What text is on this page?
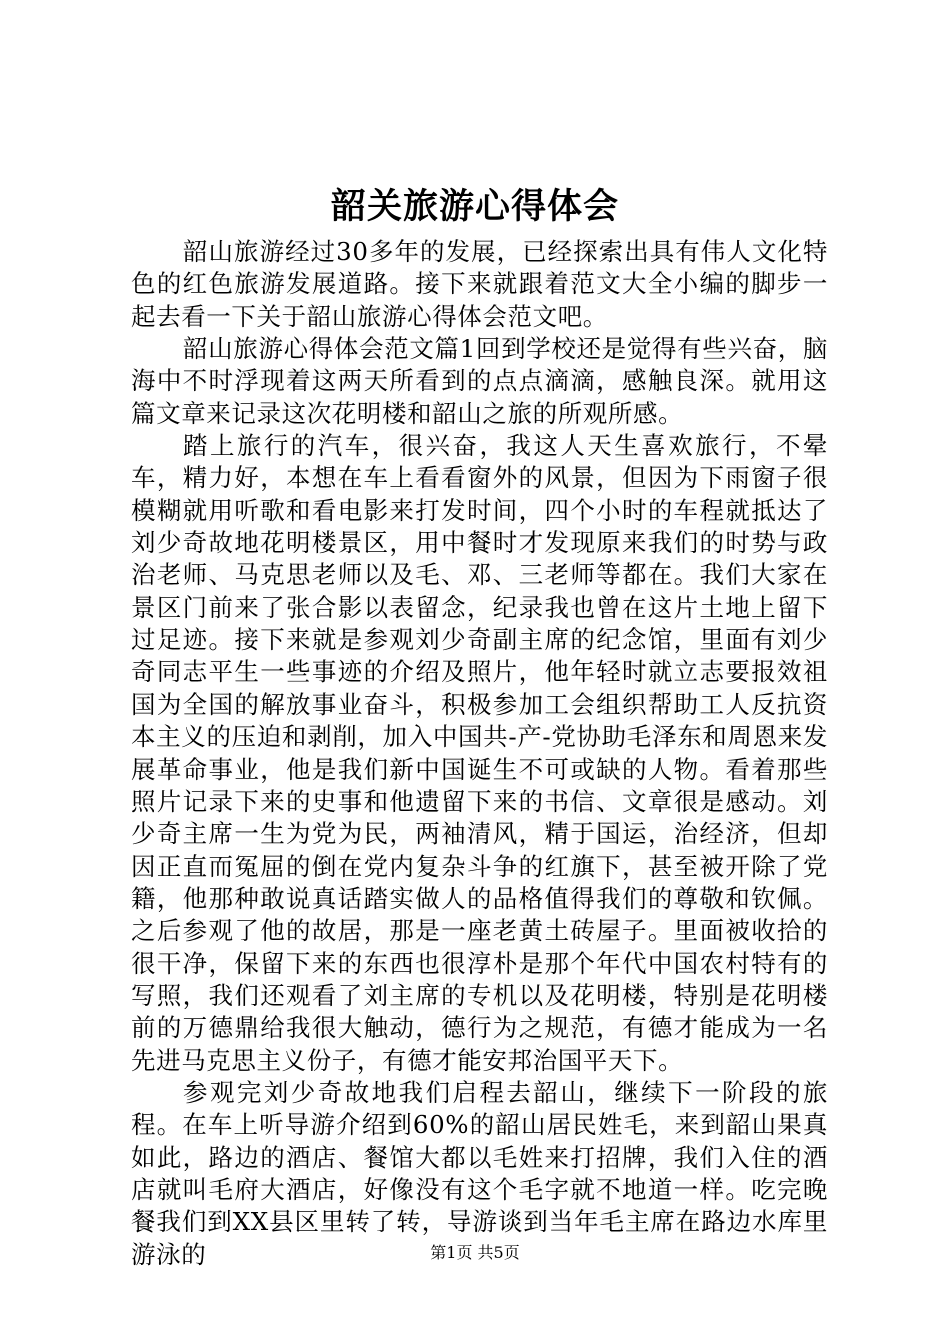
韶关旅游心得体会

韶山旅游经过30多年的发展，已经探索出具有伟人文化特色的红色旅游发展道路。接下来就跟着范文大全小编的脚步一起去看一下关于韶山旅游心得体会范文吧。

韶山旅游心得体会范文篇1回到学校还是觉得有些兴奋，脑海中不时浮现着这两天所看到的点点滴滴，感触良深。就用这篇文章来记录这次花明楼和韶山之旅的所观所感。

踏上旅行的汽车，很兴奋，我这人天生喜欢旅行，不晕车，精力好，本想在车上看看窗外的风景，但因为下雨窗子很模糊就用听歌和看电影来打发时间，四个小时的车程就抵达了刘少奇故地花明楼景区，用中餐时才发现原来我们的时势与政治老师、马克思老师以及毛、邓、三老师等都在。我们大家在景区门前来了张合影以表留念，纪录我也曾在这片土地上留下过足迹。接下来就是参观刘少奇副主席的纪念馆，里面有刘少奇同志平生一些事迹的介绍及照片，他年轻时就立志要报效祖国为全国的解放事业奋斗，积极参加工会组织帮助工人反抗资本主义的压迫和剥削，加入中国共-产-党协助毛泽东和周恩来发展革命事业，他是我们新中国诞生不可或缺的人物。看着那些照片记录下来的史事和他遗留下来的书信、文章很是感动。刘少奇主席一生为党为民，两袖清风，精于国运，治经济，但却因正直而冤屈的倒在党内复杂斗争的红旗下，甚至被开除了党籍，他那种敢说真话踏实做人的品格值得我们的尊敬和钦佩。之后参观了他的故居，那是一座老黄土砖屋子。里面被收拾的很干净，保留下来的东西也很淳朴是那个年代中国农村特有的写照，我们还观看了刘主席的专机以及花明楼，特别是花明楼前的万德鼎给我很大触动，德行为之规范，有德才能成为一名先进马克思主义份子，有德才能安邦治国平天下。

参观完刘少奇故地我们启程去韶山，继续下一阶段的旅程。在车上听导游介绍到60%的韶山居民姓毛，来到韶山果真如此，路边的酒店、餐馆大都以毛姓来打招牌，我们入住的酒店就叫毛府大酒店，好像没有这个毛字就不地道一样。吃完晚餐我们到XX县区里转了转，导游谈到当年毛主席在路边水库里游泳的	第1页 共5页
